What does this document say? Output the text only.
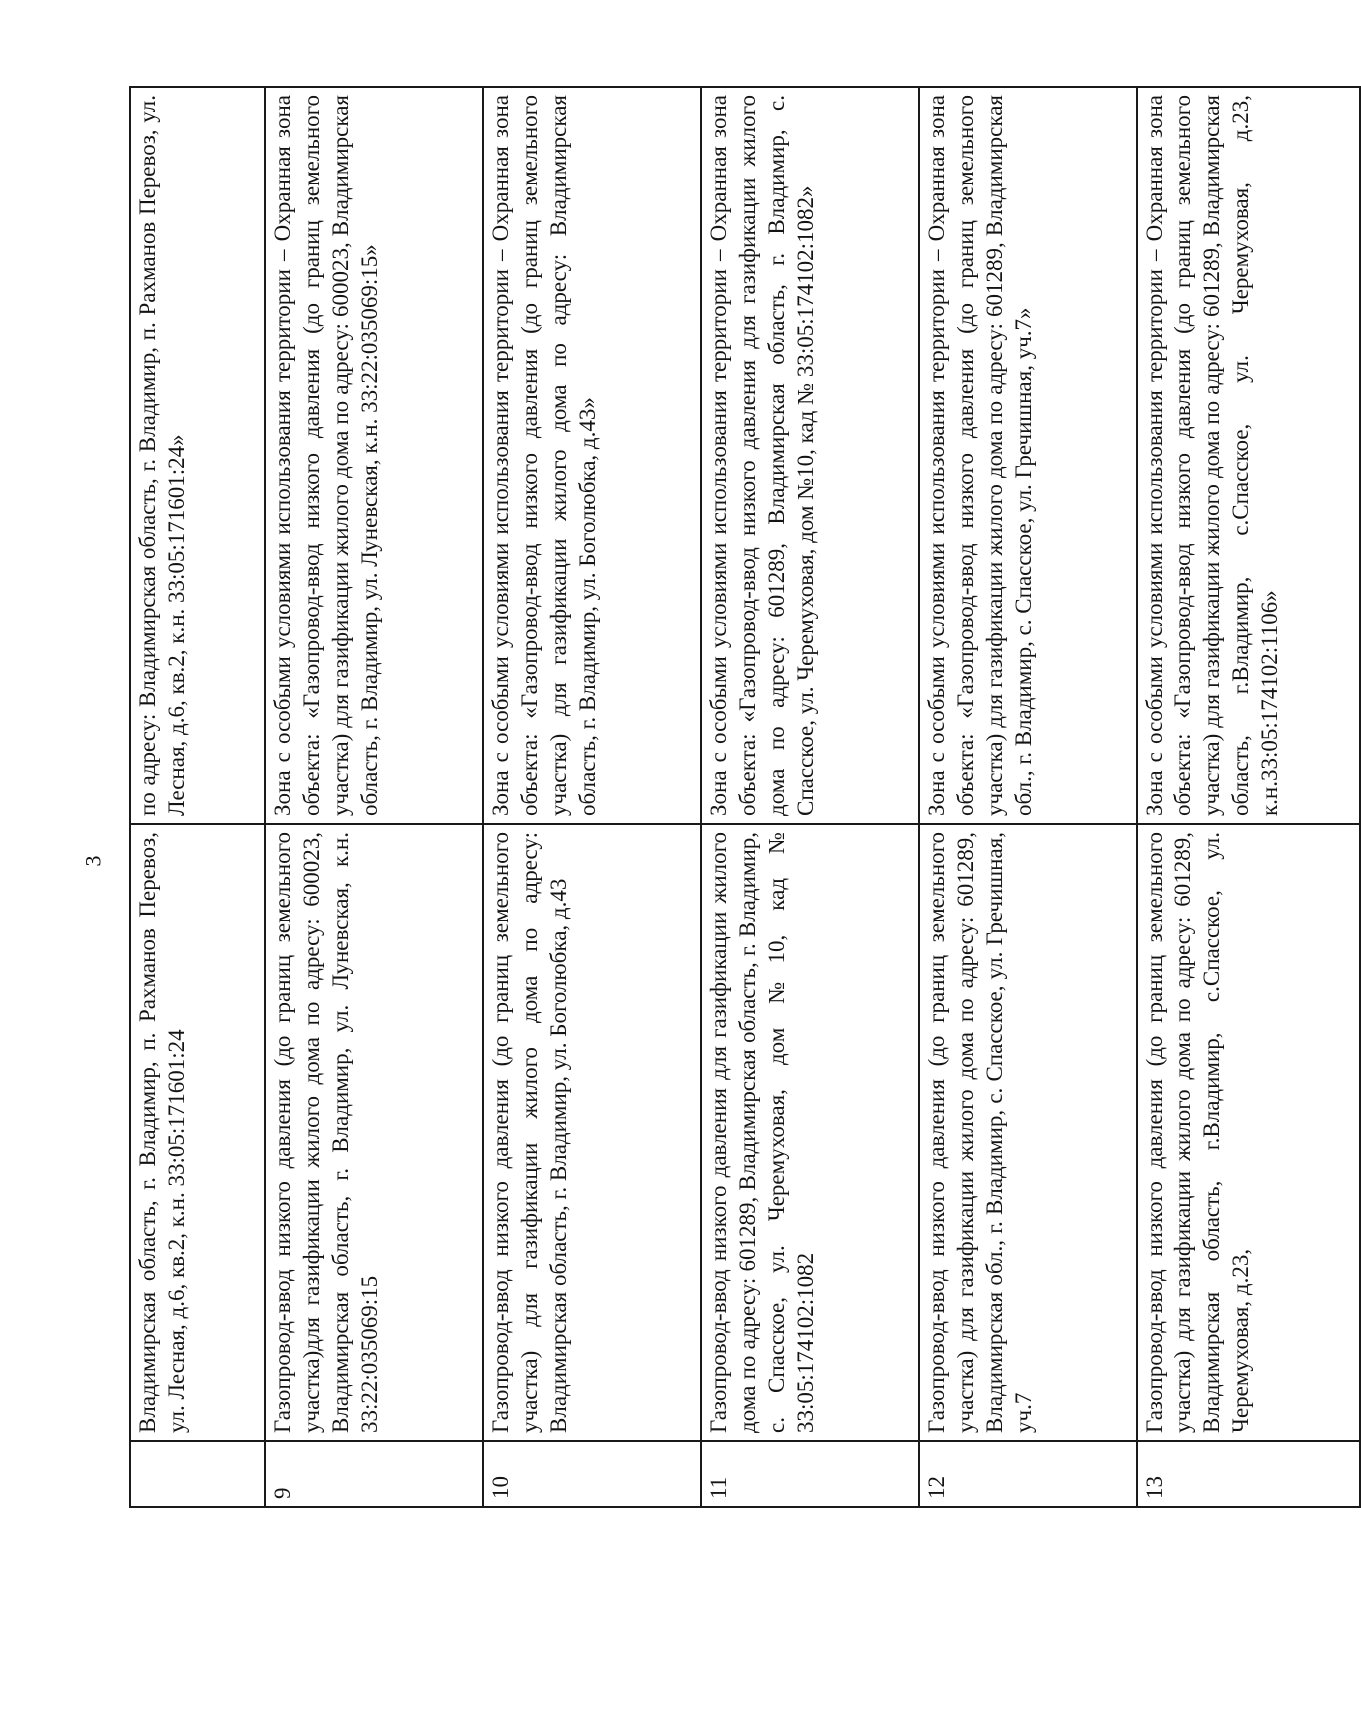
3
	Владимирская область, г. Владимир, п. Рахманов Перевоз, ул. Лесная, д.6, кв.2, к.н. 33:05:171601:24	по адресу: Владимирская область, г. Владимир, п. Рахманов Перевоз, ул. Лесная, д.6, кв.2, к.н. 33:05:171601:24»
9	Газопровод-ввод низкого давления (до границ земельного участка)для газификации жилого дома по адресу: 600023, Владимирская область, г. Владимир, ул. Луневская, к.н. 33:22:035069:15	Зона с особыми условиями использования территории – Охранная зона объекта: «Газопровод-ввод низкого давления (до границ земельного участка) для газификации жилого дома по адресу: 600023, Владимирская область, г. Владимир, ул. Луневская, к.н. 33:22:035069:15»
10	Газопровод-ввод низкого давления (до границ земельного участка) для газификации жилого дома по адресу: Владимирская область, г. Владимир, ул. Боголюбка, д.43	Зона с особыми условиями использования территории – Охранная зона объекта: «Газопровод-ввод низкого давления (до границ земельного участка) для газификации жилого дома по адресу: Владимирская область, г. Владимир, ул. Боголюбка, д.43»
11	Газопровод-ввод низкого давления для газификации жилого дома по адресу: 601289, Владимирская область, г. Владимир, с. Спасское, ул. Черемуховая, дом №10, кад № 33:05:174102:1082	Зона с особыми условиями использования территории – Охранная зона объекта: «Газопровод-ввод низкого давления для газификации жилого дома по адресу: 601289, Владимирская область, г. Владимир, с. Спасское, ул. Черемуховая, дом №10, кад № 33:05:174102:1082»
12	Газопровод-ввод низкого давления (до границ земельного участка) для газификации жилого дома по адресу: 601289, Владимирская обл., г. Владимир, с. Спасское, ул. Гречишная, уч.7	Зона с особыми условиями использования территории – Охранная зона объекта: «Газопровод-ввод низкого давления (до границ земельного участка) для газификации жилого дома по адресу: 601289, Владимирская обл., г. Владимир, с. Спасское, ул. Гречишная, уч.7»
13	Газопровод-ввод низкого давления (до границ земельного участка) для газификации жилого дома по адресу: 601289, Владимирская область, г.Владимир, с.Спасское, ул. Черемуховая, д.23,	Зона с особыми условиями использования территории – Охранная зона объекта: «Газопровод-ввод низкого давления (до границ земельного участка) для газификации жилого дома по адресу: 601289, Владимирская область, г.Владимир, с.Спасское, ул. Черемуховая, д.23, к.н.33:05:174102:1106»
